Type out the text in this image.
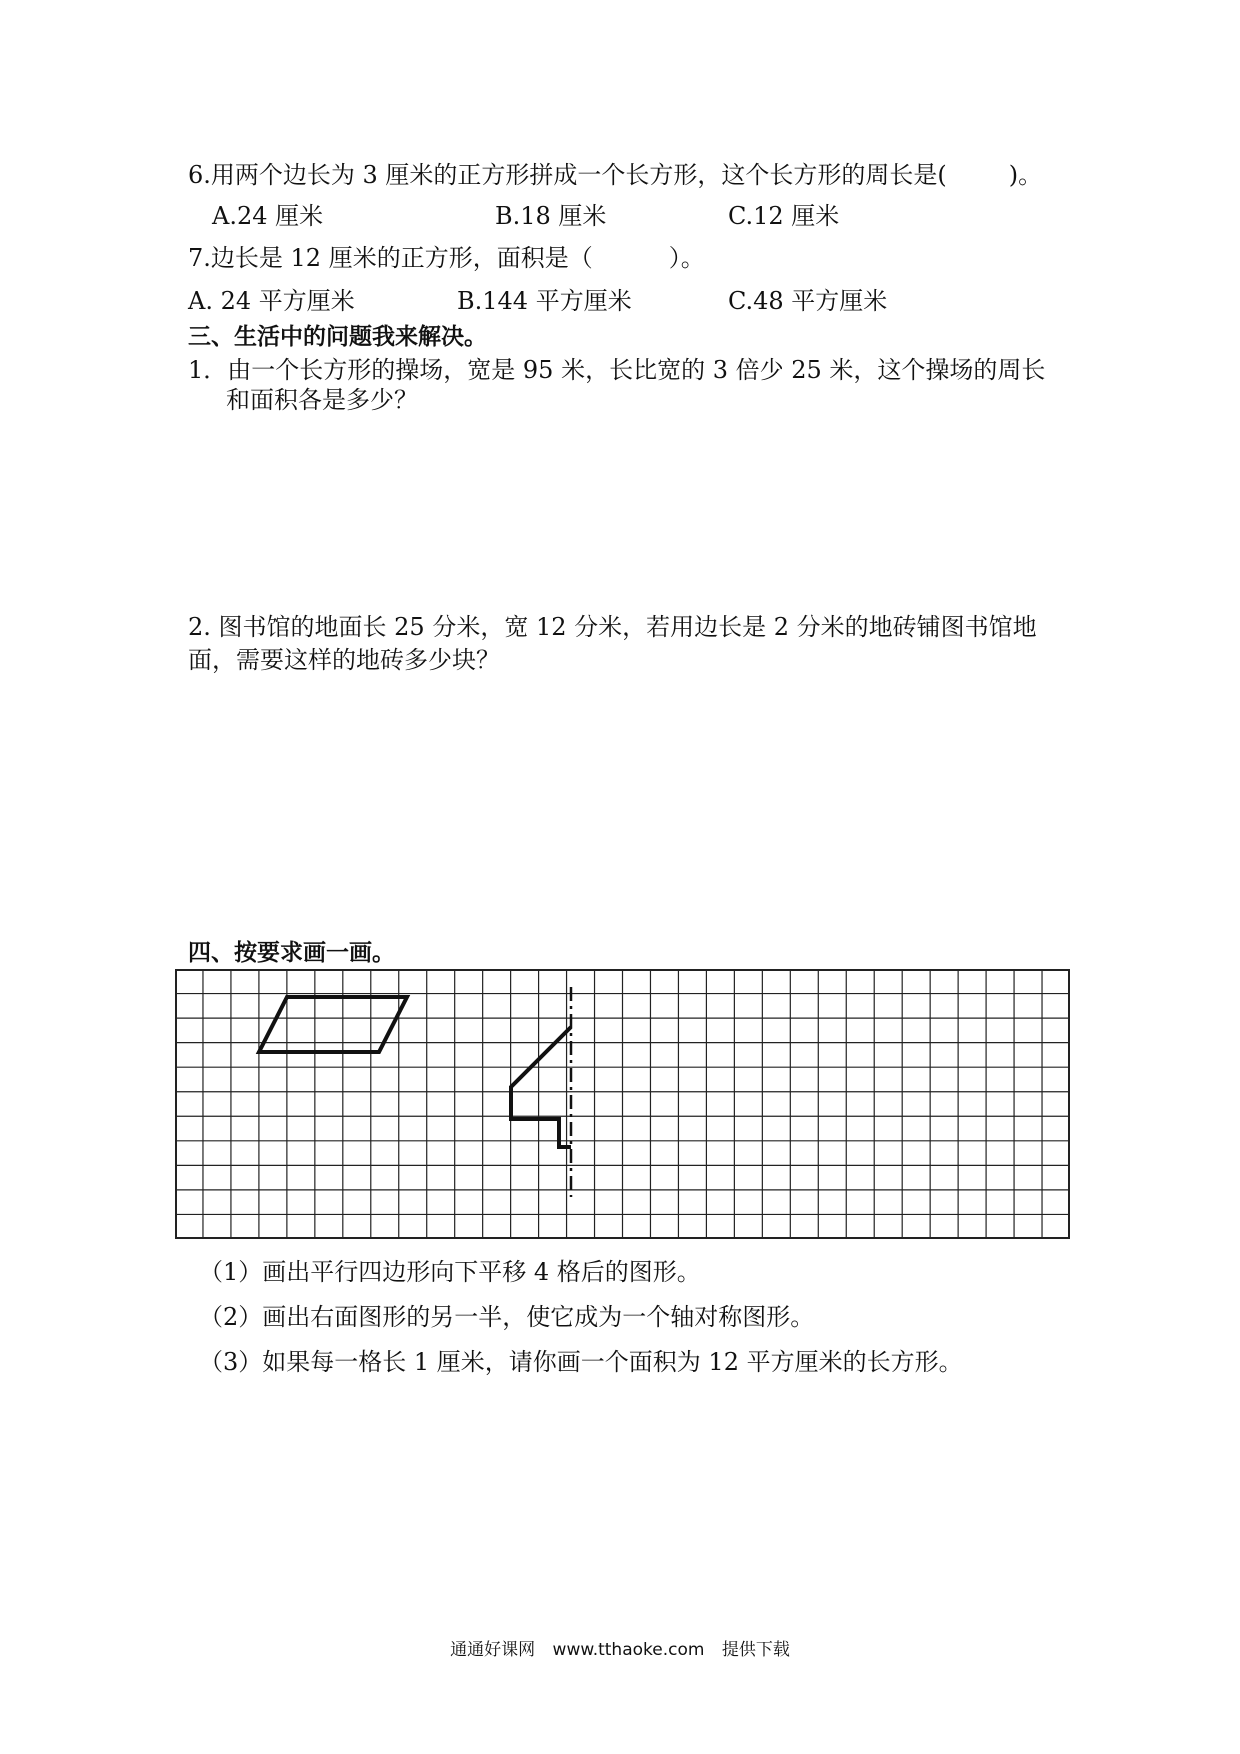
6.用两个边长为 3 厘米的正方形拼成一个长方形，这个长方形的周长是(	)。
A.24 厘米	B.18 厘米	C.12 厘米
7.边长是 12 厘米的正方形，面积是（	）。
A. 24 平方厘米	B.144 平方厘米	C.48 平方厘米
三、生活中的问题我来解决。
1．由一个长方形的操场，宽是 95 米，长比宽的 3 倍少 25 米，这个操场的周长
和面积各是多少？
2. 图书馆的地面长 25 分米，宽 12 分米，若用边长是 2 分米的地砖铺图书馆地
面，需要这样的地砖多少块？
四、按要求画一画。
（1）画出平行四边形向下平移 4 格后的图形。
（2）画出右面图形的另一半，使它成为一个轴对称图形。
（3）如果每一格长 1 厘米，请你画一个面积为 12 平方厘米的长方形。
通通好课网 www.tthaoke.com 提供下载
